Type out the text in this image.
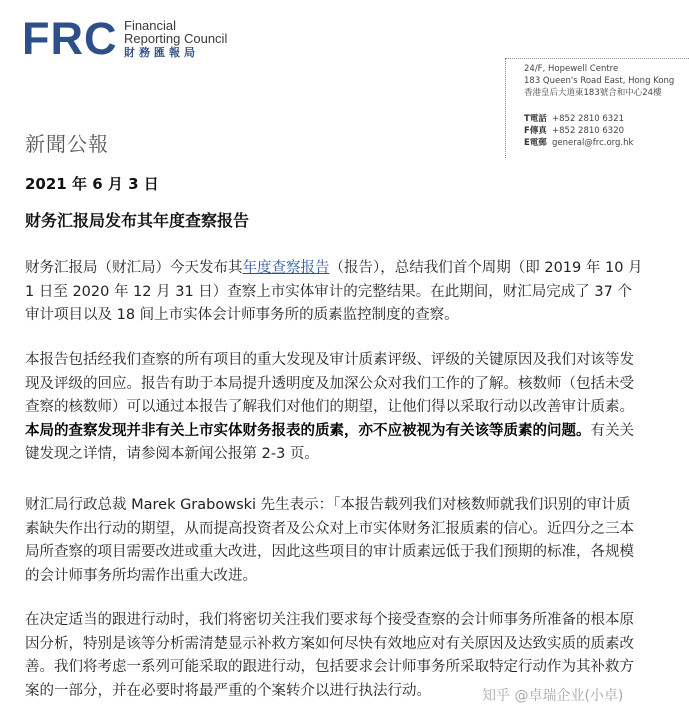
FRC Financial
Reporting Council
財務匯報局
24/F, Hopewell Centre
183 Queen's Road East, Hong Kong
香港皇后大道東183號合和中心24樓
T電話 +852 2810 6321
F傳真 +852 2810 6320
E電郵 general@frc.org.hk
新聞公報
2021 年 6 月 3 日
财务汇报局发布其年度查察报告

财务汇报局（财汇局）今天发布其年度查察报告（报告），总结我们首个周期（即 2019 年 10 月 1 日至 2020 年 12 月 31 日）查察上市实体审计的完整结果。在此期间，财汇局完成了 37 个审计项目以及 18 间上市实体会计师事务所的质素监控制度的查察。

本报告包括经我们查察的所有项目的重大发现及审计质素评级、评级的关键原因及我们对该等发现及评级的回应。报告有助于本局提升透明度及加深公众对我们工作的了解。核数师（包括未受查察的核数师）可以通过本报告了解我们对他们的期望，让他们得以采取行动以改善审计质素。本局的查察发现并非有关上市实体财务报表的质素，亦不应被视为有关该等质素的问题。有关关键发现之详情，请参阅本新闻公报第 2-3 页。

财汇局行政总裁 Marek Grabowski 先生表示：「本报告载列我们对核数师就我们识别的审计质素缺失作出行动的期望，从而提高投资者及公众对上市实体财务汇报质素的信心。近四分之三本局所查察的项目需要改进或重大改进，因此这些项目的审计质素远低于我们预期的标准，各规模的会计师事务所均需作出重大改进。

在决定适当的跟进行动时，我们将密切关注我们要求每个接受查察的会计师事务所准备的根本原因分析，特别是该等分析需清楚显示补救方案如何尽快有效地应对有关原因及达致实质的质素改善。我们将考虑一系列可能采取的跟进行动，包括要求会计师事务所采取特定行动作为其补救方案的一部分，并在必要时将最严重的个案转介以进行执法行动。	知乎 @卓瑞企业(小卓)
